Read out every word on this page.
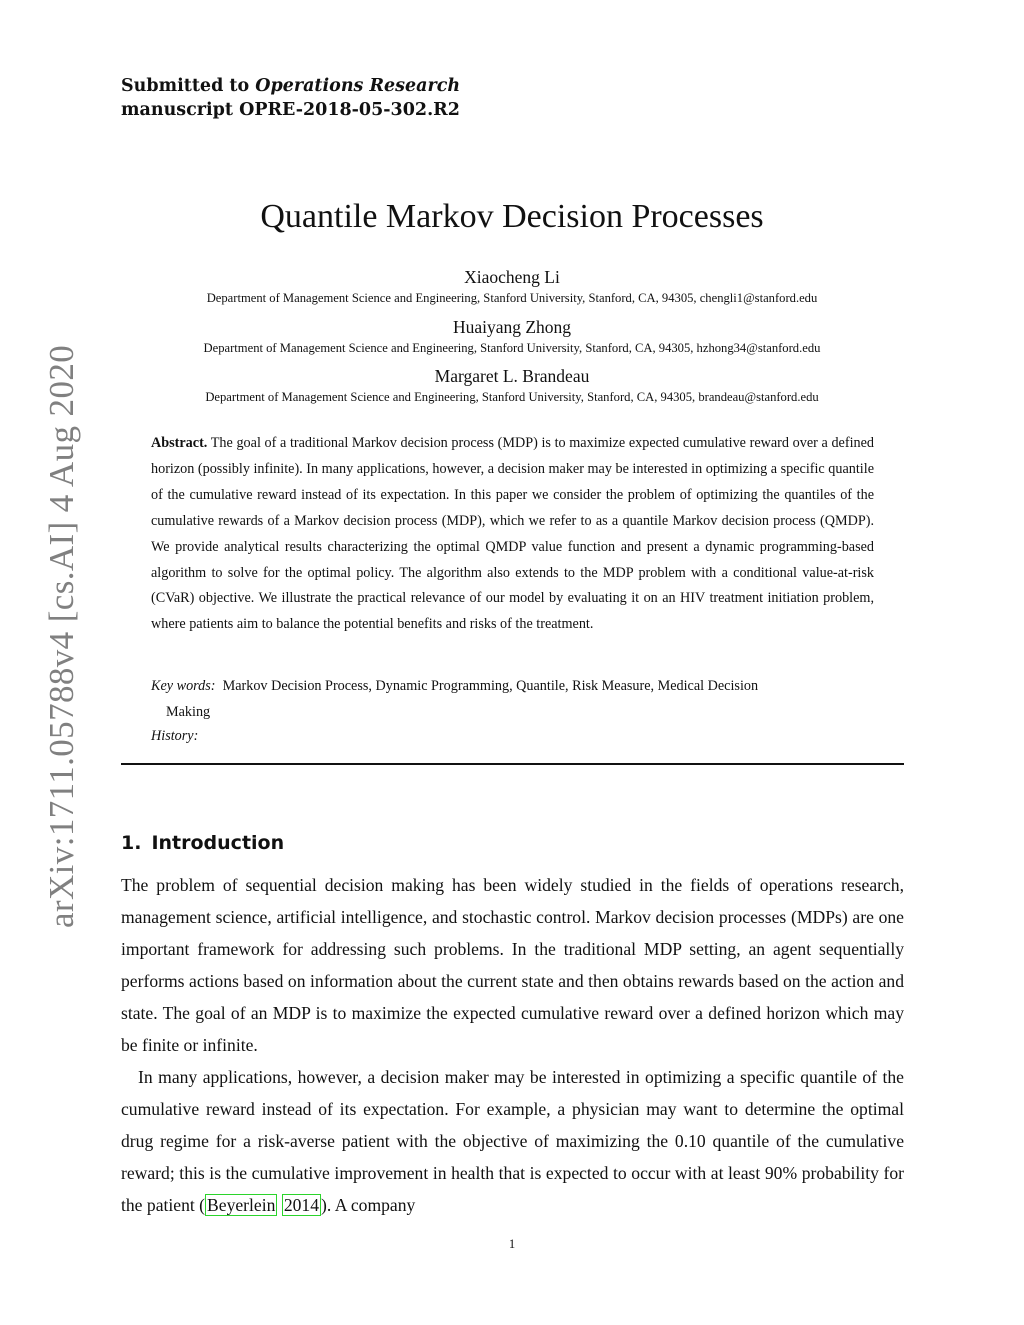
Submitted to Operations Research
manuscript OPRE-2018-05-302.R2
arXiv:1711.05788v4 [cs.AI] 4 Aug 2020
Quantile Markov Decision Processes
Xiaocheng Li
Department of Management Science and Engineering, Stanford University, Stanford, CA, 94305, chengli1@stanford.edu
Huaiyang Zhong
Department of Management Science and Engineering, Stanford University, Stanford, CA, 94305, hzhong34@stanford.edu
Margaret L. Brandeau
Department of Management Science and Engineering, Stanford University, Stanford, CA, 94305, brandeau@stanford.edu
Abstract. The goal of a traditional Markov decision process (MDP) is to maximize expected cumulative reward over a defined horizon (possibly infinite). In many applications, however, a decision maker may be interested in optimizing a specific quantile of the cumulative reward instead of its expectation. In this paper we consider the problem of optimizing the quantiles of the cumulative rewards of a Markov decision process (MDP), which we refer to as a quantile Markov decision process (QMDP). We provide analytical results characterizing the optimal QMDP value function and present a dynamic programming-based algorithm to solve for the optimal policy. The algorithm also extends to the MDP problem with a conditional value-at-risk (CVaR) objective. We illustrate the practical relevance of our model by evaluating it on an HIV treatment initiation problem, where patients aim to balance the potential benefits and risks of the treatment.
Key words: Markov Decision Process, Dynamic Programming, Quantile, Risk Measure, Medical Decision
Making
History:
1. Introduction
The problem of sequential decision making has been widely studied in the fields of operations research, management science, artificial intelligence, and stochastic control. Markov decision processes (MDPs) are one important framework for addressing such problems. In the traditional MDP setting, an agent sequentially performs actions based on information about the current state and then obtains rewards based on the action and state. The goal of an MDP is to maximize the expected cumulative reward over a defined horizon which may be finite or infinite.
In many applications, however, a decision maker may be interested in optimizing a specific quantile of the cumulative reward instead of its expectation. For example, a physician may want to determine the optimal drug regime for a risk-averse patient with the objective of maximizing the 0.10 quantile of the cumulative reward; this is the cumulative improvement in health that is expected to occur with at least 90% probability for the patient ( Beyerlein 2014 ). A company
1
